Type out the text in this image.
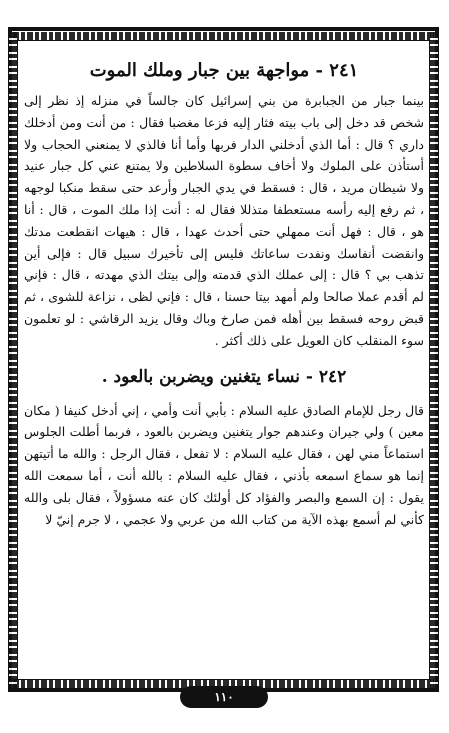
٢٤١ - مواجهة بين جبار وملك الموت

بينما جبار من الجبابرة من بني إسرائيل كان جالساً في منزله إذ نظر إلى شخص قد دخل إلى باب بيته فثار إليه فزعا مغضبا فقال : من أنت ومن أدخلك داري ؟ قال : أما الذي أدخلني الدار فربها وأما أنا فالذي لا يمنعني الحجاب ولا أستأذن على الملوك ولا أخاف سطوة السلاطين ولا يمتنع عني كل جبار عنيد ولا شيطان مريد ، قال : فسقط في يدي الجبار وأرعد حتى سقط منكبا لوجهه ، ثم رفع إليه رأسه مستعطفا متذللا فقال له : أنت إذا ملك الموت ، قال : أنا هو ، قال : فهل أنت ممهلي حتى أحدث عهدا ، قال : هيهات انقطعت مدتك وانقضت أنفاسك ونفدت ساعاتك فليس إلى تأخيرك سبيل قال : فإلى أين تذهب بي ؟ قال : إلى عملك الذي قدمته وإلى بيتك الذي مهدته ، قال : فإني لم أقدم عملا صالحا ولم أمهد بيتا حسنا ، قال : فإني لظى ، نزاعة للشوى ، ثم قبض روحه فسقط بين أهله فمن صارخ وباك وقال يزيد الرقاشي : لو تعلمون سوء المنقلب كان العويل على ذلك أكثر .

٢٤٢ - نساء يتغنين ويضربن بالعود .

قال رجل للإمام الصادق عليه السلام : بأبي أنت وأمي ، إني أدخل كنيفا ( مكان معين ) ولي جيران وعندهم جوار يتغنين ويضربن بالعود ، فربما أطلت الجلوس استماعاً مني لهن ، فقال عليه السلام : لا تفعل ، فقال الرجل : والله ما أتيتهن إنما هو سماع اسمعه بأذني ، فقال عليه السلام : بالله أنت ، أما سمعت الله يقول : إن السمع والبصر والفؤاد كل أولئك كان عنه مسؤولاً ، فقال بلى والله كأني لم أسمع بهذه الآية من كتاب الله من عربي ولا عجمي ، لا جرم إنيّ لا

١١٠
